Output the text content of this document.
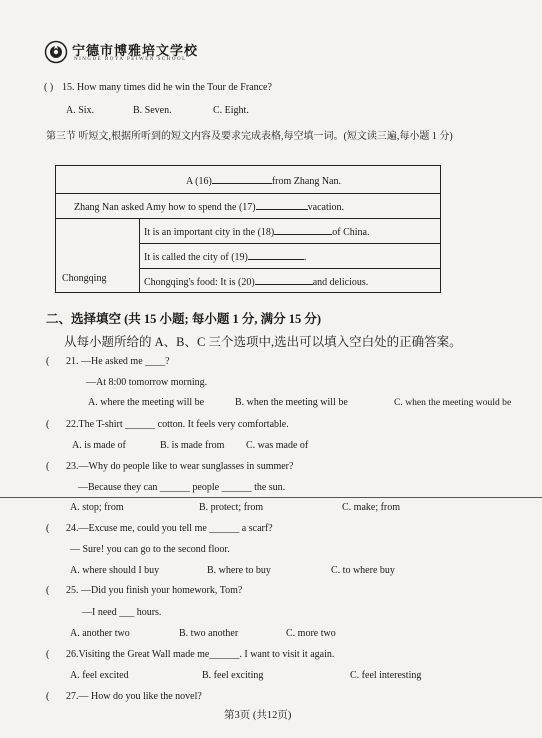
宁德市博雅培文学校
NINGDE BOYA PEIWEN SCHOOL
( ) 15. How many times did he win the Tour de France?
A. Six.	B. Seven.	C. Eight.
第三节 听短文,根据所听到的短文内容及要求完成表格,每空填一词。(短文读三遍,每小题 1 分)
A (16)	from Zhang Nan.
Zhang Nan asked Amy how to spend the (17)	vacation.
Chongqing
It is an important city in the (18)	of China.
It is called the city of (19)	.
Chongqing's food: It is (20)	and delicious.
二、选择填空 (共 15 小题; 每小题 1 分, 满分 15 分)
从每小题所给的 A、B、C 三个选项中,选出可以填入空白处的正确答案。
( 21. —He asked me ____?
—At 8:00 tomorrow morning.
A. where the meeting will be	B. when the meeting will be	C. when the meeting would be
( 22.The T-shirt ______ cotton. It feels very comfortable.
A. is made of	B. is made from C. was made of
( 23.—Why do people like to wear sunglasses in summer?
—Because they can ______ people ______ the sun.
A. stop; from	B. protect; from	C. make; from
( 24.—Excuse me, could you tell me ______ a scarf?
— Sure! you can go to the second floor.
A. where should I buy	B. where to buy	C. to where buy
( 25. —Did you finish your homework, Tom?
—I need ___ hours.
A. another two	B. two another	C. more two
( 26.Visiting the Great Wall made me______. I want to visit it again.
A. feel excited	B. feel exciting	C. feel interesting
( 27.— How do you like the novel?
第3页 (共12页)
